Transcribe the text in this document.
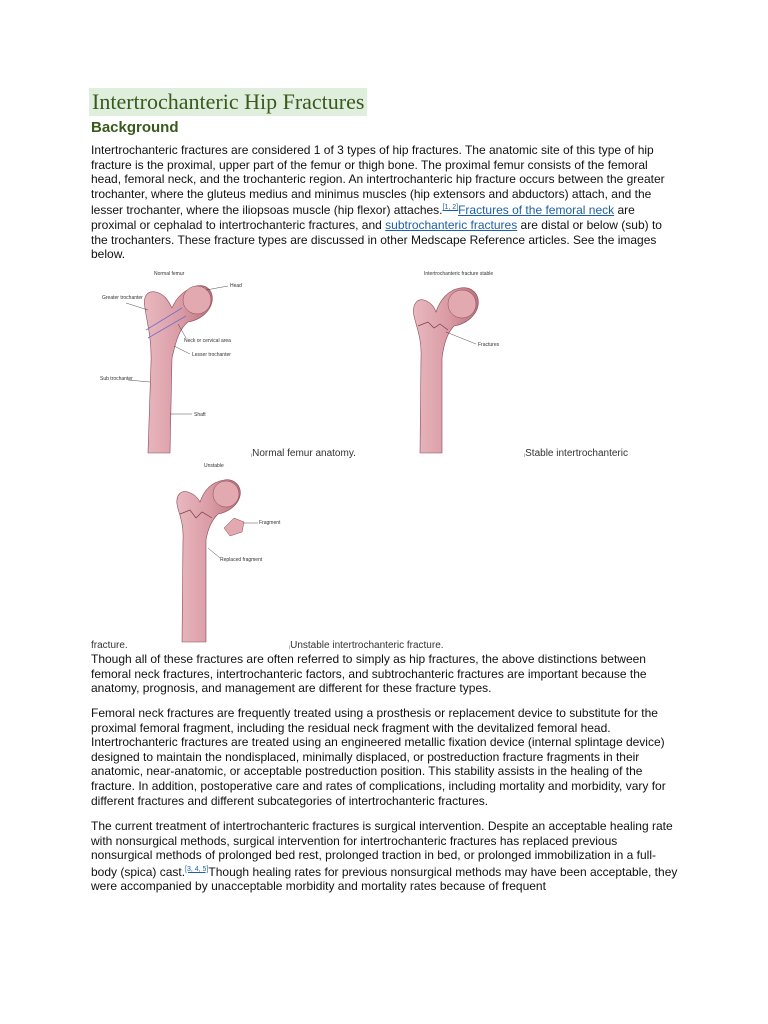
Intertrochanteric Hip Fractures
Background
Intertrochanteric fractures are considered 1 of 3 types of hip fractures. The anatomic site of this type of hip fracture is the proximal, upper part of the femur or thigh bone. The proximal femur consists of the femoral head, femoral neck, and the trochanteric region. An intertrochanteric hip fracture occurs between the greater trochanter, where the gluteus medius and minimus muscles (hip extensors and abductors) attach, and the lesser trochanter, where the iliopsoas muscle (hip flexor) attaches.[1, 2]Fractures of the femoral neck are proximal or cephalad to intertrochanteric fractures, and subtrochanteric fractures are distal or below (sub) to the trochanters. These fracture types are discussed in other Medscape Reference articles. See the images below.
Normal femur
Head
Greater trochanter
Neck or cervical area
Lesser trochanter
Sub trochanter
Shaft
iNormal femur anatomy.
Intertrochanteric fracture stable
Fractures
iStable intertrochanteric
Unstable
Fragment
Replaced fragment
fracture.	iUnstable intertrochanteric fracture.
Though all of these fractures are often referred to simply as hip fractures, the above distinctions between femoral neck fractures, intertrochanteric factors, and subtrochanteric fractures are important because the anatomy, prognosis, and management are different for these fracture types.
Femoral neck fractures are frequently treated using a prosthesis or replacement device to substitute for the proximal femoral fragment, including the residual neck fragment with the devitalized femoral head. Intertrochanteric fractures are treated using an engineered metallic fixation device (internal splintage device) designed to maintain the nondisplaced, minimally displaced, or postreduction fracture fragments in their anatomic, near-anatomic, or acceptable postreduction position. This stability assists in the healing of the fracture. In addition, postoperative care and rates of complications, including mortality and morbidity, vary for different fractures and different subcategories of intertrochanteric fractures.
The current treatment of intertrochanteric fractures is surgical intervention. Despite an acceptable healing rate with nonsurgical methods, surgical intervention for intertrochanteric fractures has replaced previous nonsurgical methods of prolonged bed rest, prolonged traction in bed, or prolonged immobilization in a full-body (spica) cast.[3, 4, 5]Though healing rates for previous nonsurgical methods may have been acceptable, they were accompanied by unacceptable morbidity and mortality rates because of frequent
